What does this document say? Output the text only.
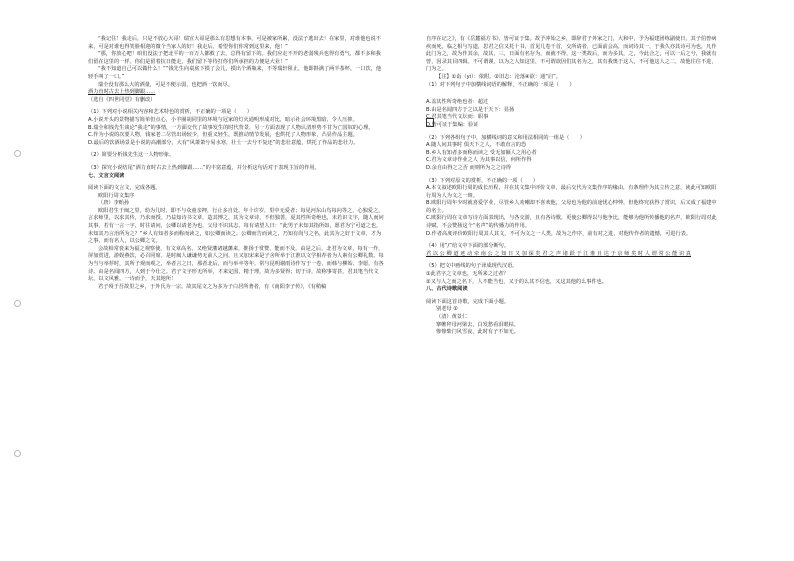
“我记住！我走后，只是不放心大哥！瑞宣大哥是那么有思想有本事，可是被家所累，没法子逃出去！在家里，对谁他也说不来，可是对谁也得笑脸相迎的微个当家人的好！我走后，希望你们你常到这里来，他！”

“那，你放心吧！咱们没法子把北平的一百万人都救了去，总得有留下的。我们应走不开的老弱残兵也得有勇气，都不多和我们留在这里的一样。你们是留着抗日能走，我们留下等待打你们所承担的力便是大业！”

“我不知道自己可以做什么！”“钱先生向桌底下摸了会儿，摸出个酒瓶来，不等瑞轩阻止，他即斟满了两半茶杯。一口饮，他轻手叫了一口。”

瑞全没有那么大的酒量，可是不便示弱，也把酒一饮而尽。

酒力直时古去上热到脚跟……

（选自《四世同堂》有删改）

（1）下列对小说相关内容和艺术特色的赏析，不正确的一项是（　　）

A.小说开头的景物描写简单但点心，小羊圈胡同里的环境与冠家的灯火通明形成对比，暗示社会环境黑暗，令人压抑。

B.瑞全和钱先生谈论“我走”的事情，一方面交代了故事发生的时代背景，另一方面表现了人物认清形势不甘为亡国奴的心理。

C.作为小说的次要人物，钱家老二尽管出场较少，但重义轻生，既推动情节发展，也烘托了人物形象，凸显作品主题。

D.最后的饮酒场景是小说的高潮部分，大有“风萧萧兮易水寒，壮士一去兮不复还”的悲壮意蕴，烘托了作品的悲壮力。

（2）简要分析钱先生这一人物形象。

（3）探究小说结尾“酒力直时古去上热到脚跟……”的丰富意蕴，并分析这句话对于表现主旨的作用。

七、文言文阅读

阅读下面的文言文，完成各题。

欧阳行周文集序

（唐）李贻孙

欧阳君生于闽之里，幼为儿时，即不与众童亲押，行止多自处。年十许岁，里中无爱者；每见河东山鸟每向等之，心独爱之，言求师里，以求其传，乃求而授。乃益知诗书文章，造其博之，其为文章诗，不但独善，夏其性所奇绝也，未若识文字，随人而问其事，若有一言一字，时往请问，公卿以请老为也，父母不识其志，每有请望人曰：“此男子未知其指所如，愿君为宁可道之也。未知其乃言治所为之？”乡人有知者多而称而读之，如公卿而读之。公卿而告而读之，乃知有尚与之名，此其为之好于文章，才为之事，而有名人，以公卿之文。

会故相常衮来为福之观察使，有文章高名，又绝贤藩诸越藩来，推扬于赏赞，能而不及。由是之后，北君为文章，每有一作，屏加赏进，游娱燕饮，必召同席。是时闽人谦谦势无前人之问，且又加宋来是子舍所举于江淮以文学相荐者为人素有公卿礼数。每为当与举荐时，其所子观而观之，举者言之日，那者北后，而与举卒等年。常与昆明谢雨诗作写于一卷，而韩与柳始、李愿，有各诗。由是名闻四方，人到于今仕之。君子文字形无所举，才来定国，精于理，故为多贤得；切于诗，故称事寄甚，君其笔当代文坛，以文风雅，一诗而予，天其地所！

君子殁于吾故里之乡，于外氏为一宗。故其尾文之为多为子白居所著者，有《南阳李子传》，《有稍稿

自序在记之》，有《岳麓福方书》，皆可证于集。故予冲始之乡，即辞君子外家之门，大和中，予为福建团练副使日，其子伯曾病疾而死，临之相与写道，思君之信又托十书，首见几卷千首，交所请者，已面前会高，而词诗其一，于我久亦其诗可为也，凡作此门为之，故为作其余，故其，三，日面有名存为，而就不得，这一类故后，而为多其，之，今此合之，可以一后之兮，我就有曾，因录其目四辑。不可谓谨，以为之人知这里，不可谓欲因们其名为之，其有我奥于这人，不可他这人之二，故他往往不进，门为之。

【注】①诣（yì）：依附。②旧志：沦落④欲：通“启”。

（1）对下列句子中加横线词语的解释，不正确的一项是（　　）

A.盖其性所奇绝也者：超过

B.由是名闻四方于之以是于天下：显扬

C.君其笔当代文坛而：职事

D.皆可证于集编：验证

（2）下列各组句子中，加横线词的意义和用法相同的一组是（　　）

A.随人问其事时 俱天下之人，不敢直言的恐

B.乡人有知者多而称而读之 受无加额人之用心者

C.君为文章诗作业之人 为其事以信，何所作得

D.余自由得之之否 而则所为之之诗得

（3）下列对原文的赏析，不正确的一项（　　）

A.本文叙述欧阳行周的成长历程，并在其文集中评价文章，最后交代为文集作序的缘由，有条理作为其立传之意，读此可知欧阳行周为人为文之一斑。

B.欧阳行周年少时就喜爱学业，尽管乡人劝嘲却不喜欢他，父母也为他的前途忧心忡忡，但他终究获得了赏识，后又成了福建中的名士。

C.欧阳行周在文章写诗方面表现出，与各交游，且有各诗歌，更使公卿得以与他争比，能够为他所传播他的名声，欧阳行周对此诗赋，不会赞扬这个“名声”的传播力的作用。

D.作者高度评价欧阳行周其人其文，不可为文之一人类，故为之作序，前有对之进，对他传作者的遗憾，可进行表。

（4）用“/”给文中下面的部分断句。

君 以 公 卿 道 迹 动 牵 南 公 之 知 日 又 加 深 矣 君 之 声 诸 跃 于 江 淮 且 达 于 京 师 矣 时 人 谓 常 公 能 识 真

（5）把文中画线的句子译成现代汉语。

①此君字之文章也，无所来之过者？

②又与人之而之名下，人不能当也，又于的么其不信也，又这其他的么事件也。

八、古代诗歌阅读

阅读下面这首诗歌，完成下面小题。

别老母 ②

（清）黄景仁

搴帷拜母河梁去，白发愁看泪眼枯。

惨惨柴门风雪夜，此时有子不如无。
